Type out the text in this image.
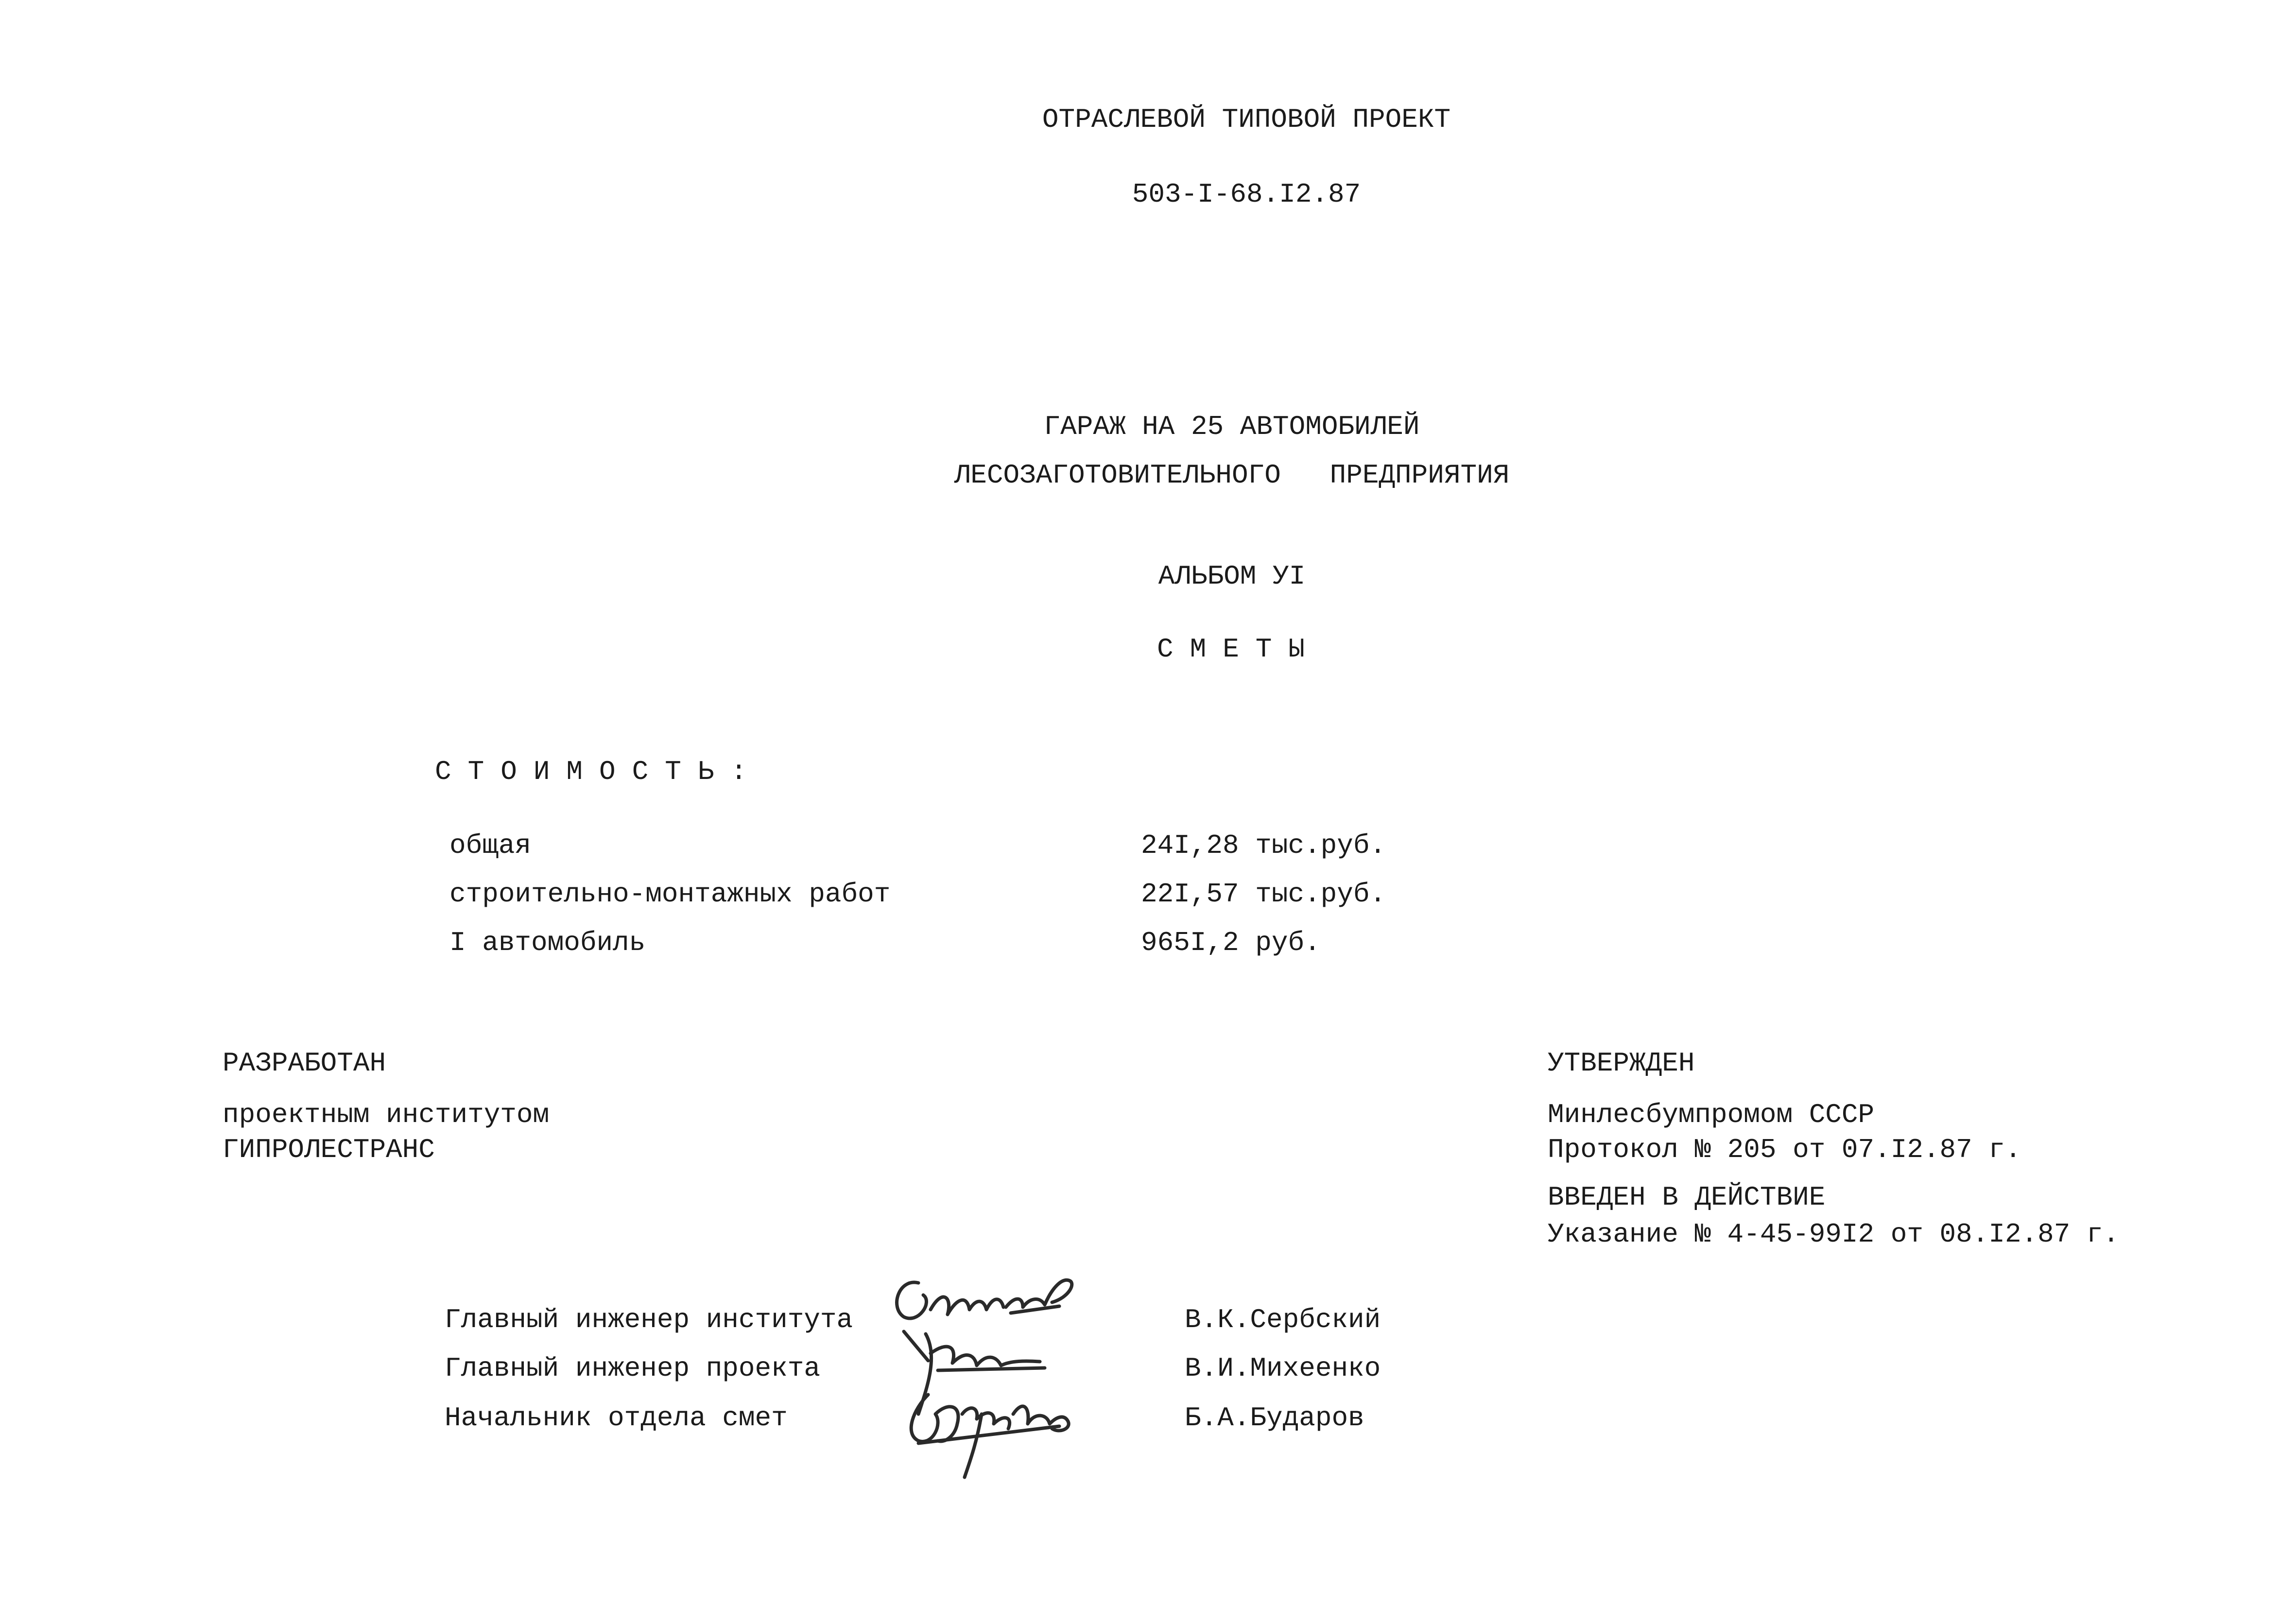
ОТРАСЛЕВОЙ ТИПОВОЙ ПРОЕКТ
503-I-68.I2.87
ГАРАЖ НА 25 АВТОМОБИЛЕЙ
ЛЕСОЗАГОТОВИТЕЛЬНОГО   ПРЕДПРИЯТИЯ
АЛЬБОМ УI
СМЕТЫ
СТОИМОСТЬ:
общая	24I,28 тыс.руб.
строительно-монтажных работ	22I,57 тыс.руб.
I автомобиль	965I,2 руб.
РАЗРАБОТАН
проектным институтом
ГИПРОЛЕСТРАНС
УТВЕРЖДЕН
Минлесбумпромом СССР
Протокол № 205 от 07.I2.87 г.
ВВЕДЕН В ДЕЙСТВИЕ
Указание № 4-45-99I2 от 08.I2.87 г.
Главный инженер института	В.К.Сербский
Главный инженер проекта	В.И.Михеенко
Начальник отдела смет	Б.А.Бударов
